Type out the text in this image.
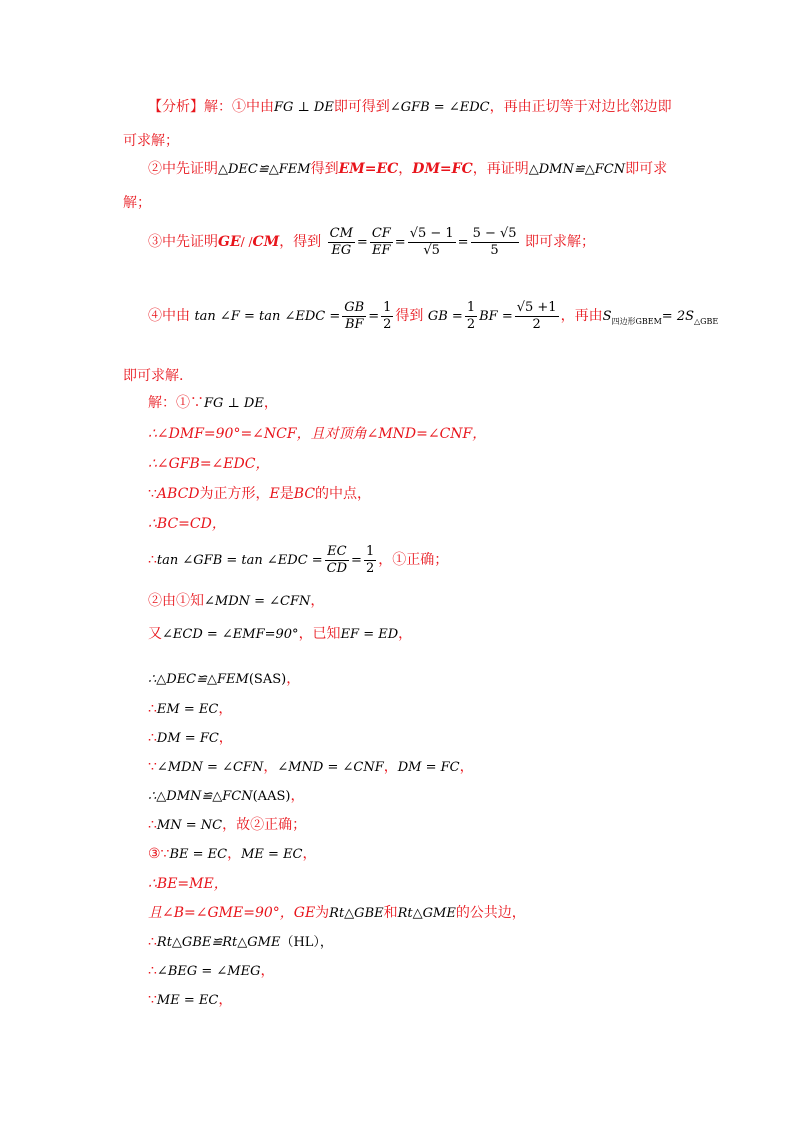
【分析】解：①中由FG ⊥ DE即可得到∠GFB = ∠EDC，再由正切等于对边比邻边即
可求解；
②中先证明△DEC≌△FEM得到EM=EC，DM=FC，再证明△DMN≌△FCN即可求
解；
③中先证明GE/ /CM，得到 $\frac{CM}{EG} = \frac{CF}{EF} = \frac{√5 - 1}{√5} = \frac{5 - √5}{5}$ 即可求解；
④中由 tan ∠F = tan ∠EDC = $\frac{GB}{BF} = \frac{1}{2}$ 得到 GB = $\frac{1}{2}$ BF = $\frac{√5 +1}{2}$ ，再由$S_{四边形GBEM}= 2S_{\triangle GBE}$
即可求解.
解：①∵FG ⊥ DE，
∴∠DMF=90°=∠NCF，且对顶角∠MND=∠CNF，
∴∠GFB=∠EDC，
∵ABCD为正方形，E是BC的中点，
∴BC=CD，
∴tan ∠GFB = tan ∠EDC = $\frac{EC}{CD} = \frac{1}{2}$ ，①正确；
②由①知∠MDN = ∠CFN，
又∠ECD = ∠EMF=90°，已知EF = ED，
∴△DEC≌△FEM(SAS)，
∴EM = EC，
∴DM = FC，
∵∠MDN = ∠CFN，∠MND = ∠CNF，DM = FC，
∴△DMN≌△FCN(AAS)，
∴MN = NC，故②正确；
③∵BE = EC，ME = EC，
∴BE=ME，
且∠B=∠GME=90°，GE为Rt△GBE和Rt△GME的公共边，
∴Rt△GBE≌Rt△GME（HL），
∴∠BEG = ∠MEG，
∵ME = EC，
